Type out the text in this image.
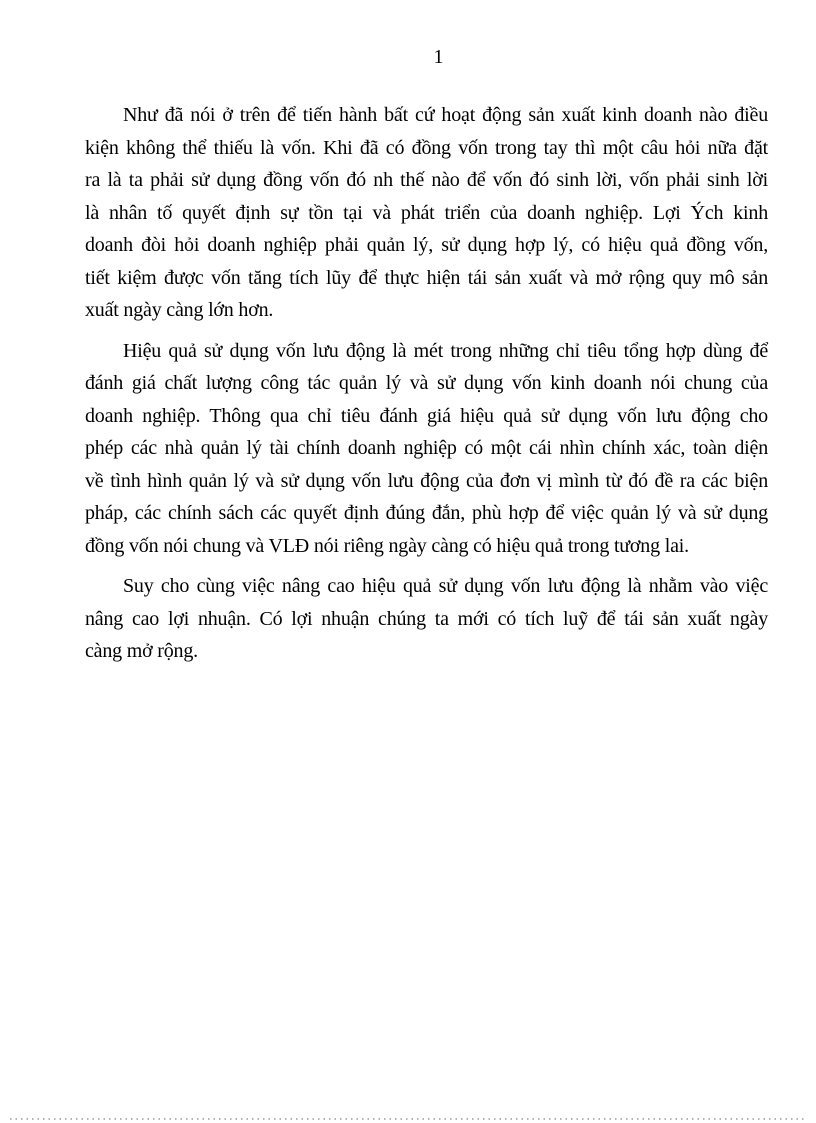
1
Như đã nói ở trên để tiến hành bất cứ hoạt động sản xuất kinh doanh nào điều
kiện không thể thiếu là vốn. Khi đã có đồng vốn trong tay thì một câu hỏi nữa đặt
ra là ta phải sử dụng đồng vốn đó nh thế nào để vốn đó sinh lời, vốn phải sinh lời
là nhân tố quyết định sự tồn tại và phát triển của doanh nghiệp. Lợi Ých kinh
doanh đòi hỏi doanh nghiệp phải quản lý, sử dụng hợp lý, có hiệu quả đồng vốn,
tiết kiệm được vốn tăng tích lũy để thực hiện tái sản xuất và mở rộng quy mô sản
xuất ngày càng lớn hơn.
Hiệu quả sử dụng vốn lưu động là mét trong những chỉ tiêu tổng hợp dùng để
đánh giá chất lượng công tác quản lý và sử dụng vốn kinh doanh nói chung của
doanh nghiệp. Thông qua chỉ tiêu đánh giá hiệu quả sử dụng vốn lưu động cho
phép các nhà quản lý tài chính doanh nghiệp có một cái nhìn chính xác, toàn diện
về tình hình quản lý và sử dụng vốn lưu động của đơn vị mình từ đó đề ra các biện
pháp, các chính sách các quyết định đúng đắn, phù hợp để việc quản lý và sử dụng
đồng vốn nói chung và VLĐ nói riêng ngày càng có hiệu quả trong tương lai.
Suy cho cùng việc nâng cao hiệu quả sử dụng vốn lưu động là nhằm vào việc
nâng cao lợi nhuận. Có lợi nhuận chúng ta mới có tích luỹ để tái sản xuất ngày
càng mở rộng.
